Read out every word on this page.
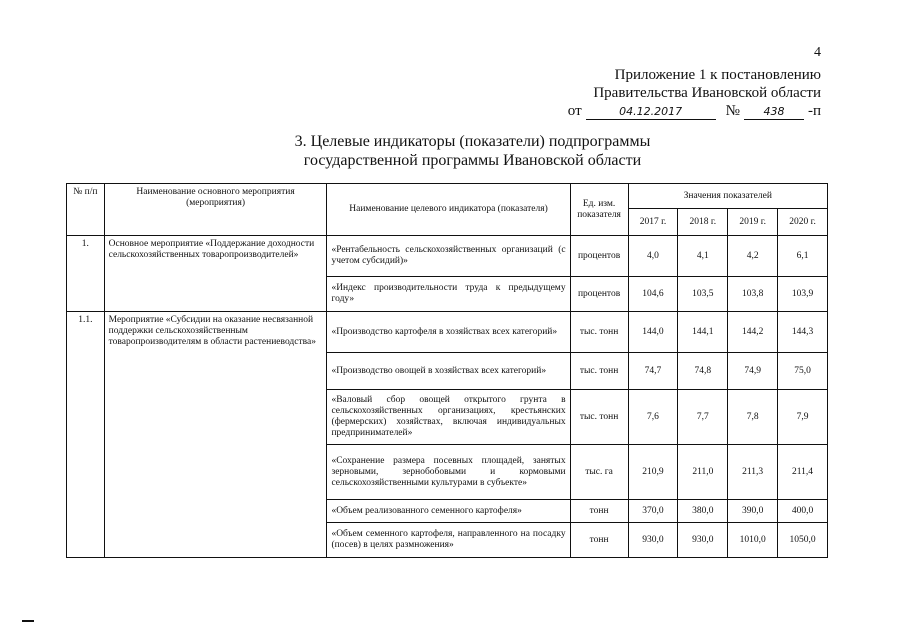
4
Приложение 1 к постановлению
Правительства Ивановской области
от	04.12.2017	№	438	-п
3. Целевые индикаторы (показатели) подпрограммы
государственной программы Ивановской области
№ п/п	Наименование основного мероприятия (мероприятия)	Наименование целевого индикатора (показателя)	Ед. изм. показателя	Значения показателей			
				2017 г.	2018 г.	2019 г.	2020 г.
1.	Основное мероприятие «Поддержание доходности сельскохозяйственных товаропроизводителей»	«Рентабельность сельскохозяйственных организаций (с учетом субсидий)»	процентов	4,0	4,1	4,2	6,1
		«Индекс производительности труда к предыдущему году»	процентов	104,6	103,5	103,8	103,9
1.1.	Мероприятие «Субсидии на оказание несвязанной поддержки сельскохозяйственным товаропроизводителям в области растениеводства»	«Производство картофеля в хозяйствах всех категорий»	тыс. тонн	144,0	144,1	144,2	144,3
		«Производство овощей в хозяйствах всех категорий»	тыс. тонн	74,7	74,8	74,9	75,0
		«Валовый сбор овощей открытого грунта в сельскохозяйственных организациях, крестьянских (фермерских) хозяйствах, включая индивидуальных предпринимателей»	тыс. тонн	7,6	7,7	7,8	7,9
		«Сохранение размера посевных площадей, занятых зерновыми, зернобобовыми и кормовыми сельскохозяйственными культурами в субъекте»	тыс. га	210,9	211,0	211,3	211,4
		«Объем реализованного семенного картофеля»	тонн	370,0	380,0	390,0	400,0
		«Объем семенного картофеля, направленного на посадку (посев) в целях размножения»	тонн	930,0	930,0	1010,0	1050,0
